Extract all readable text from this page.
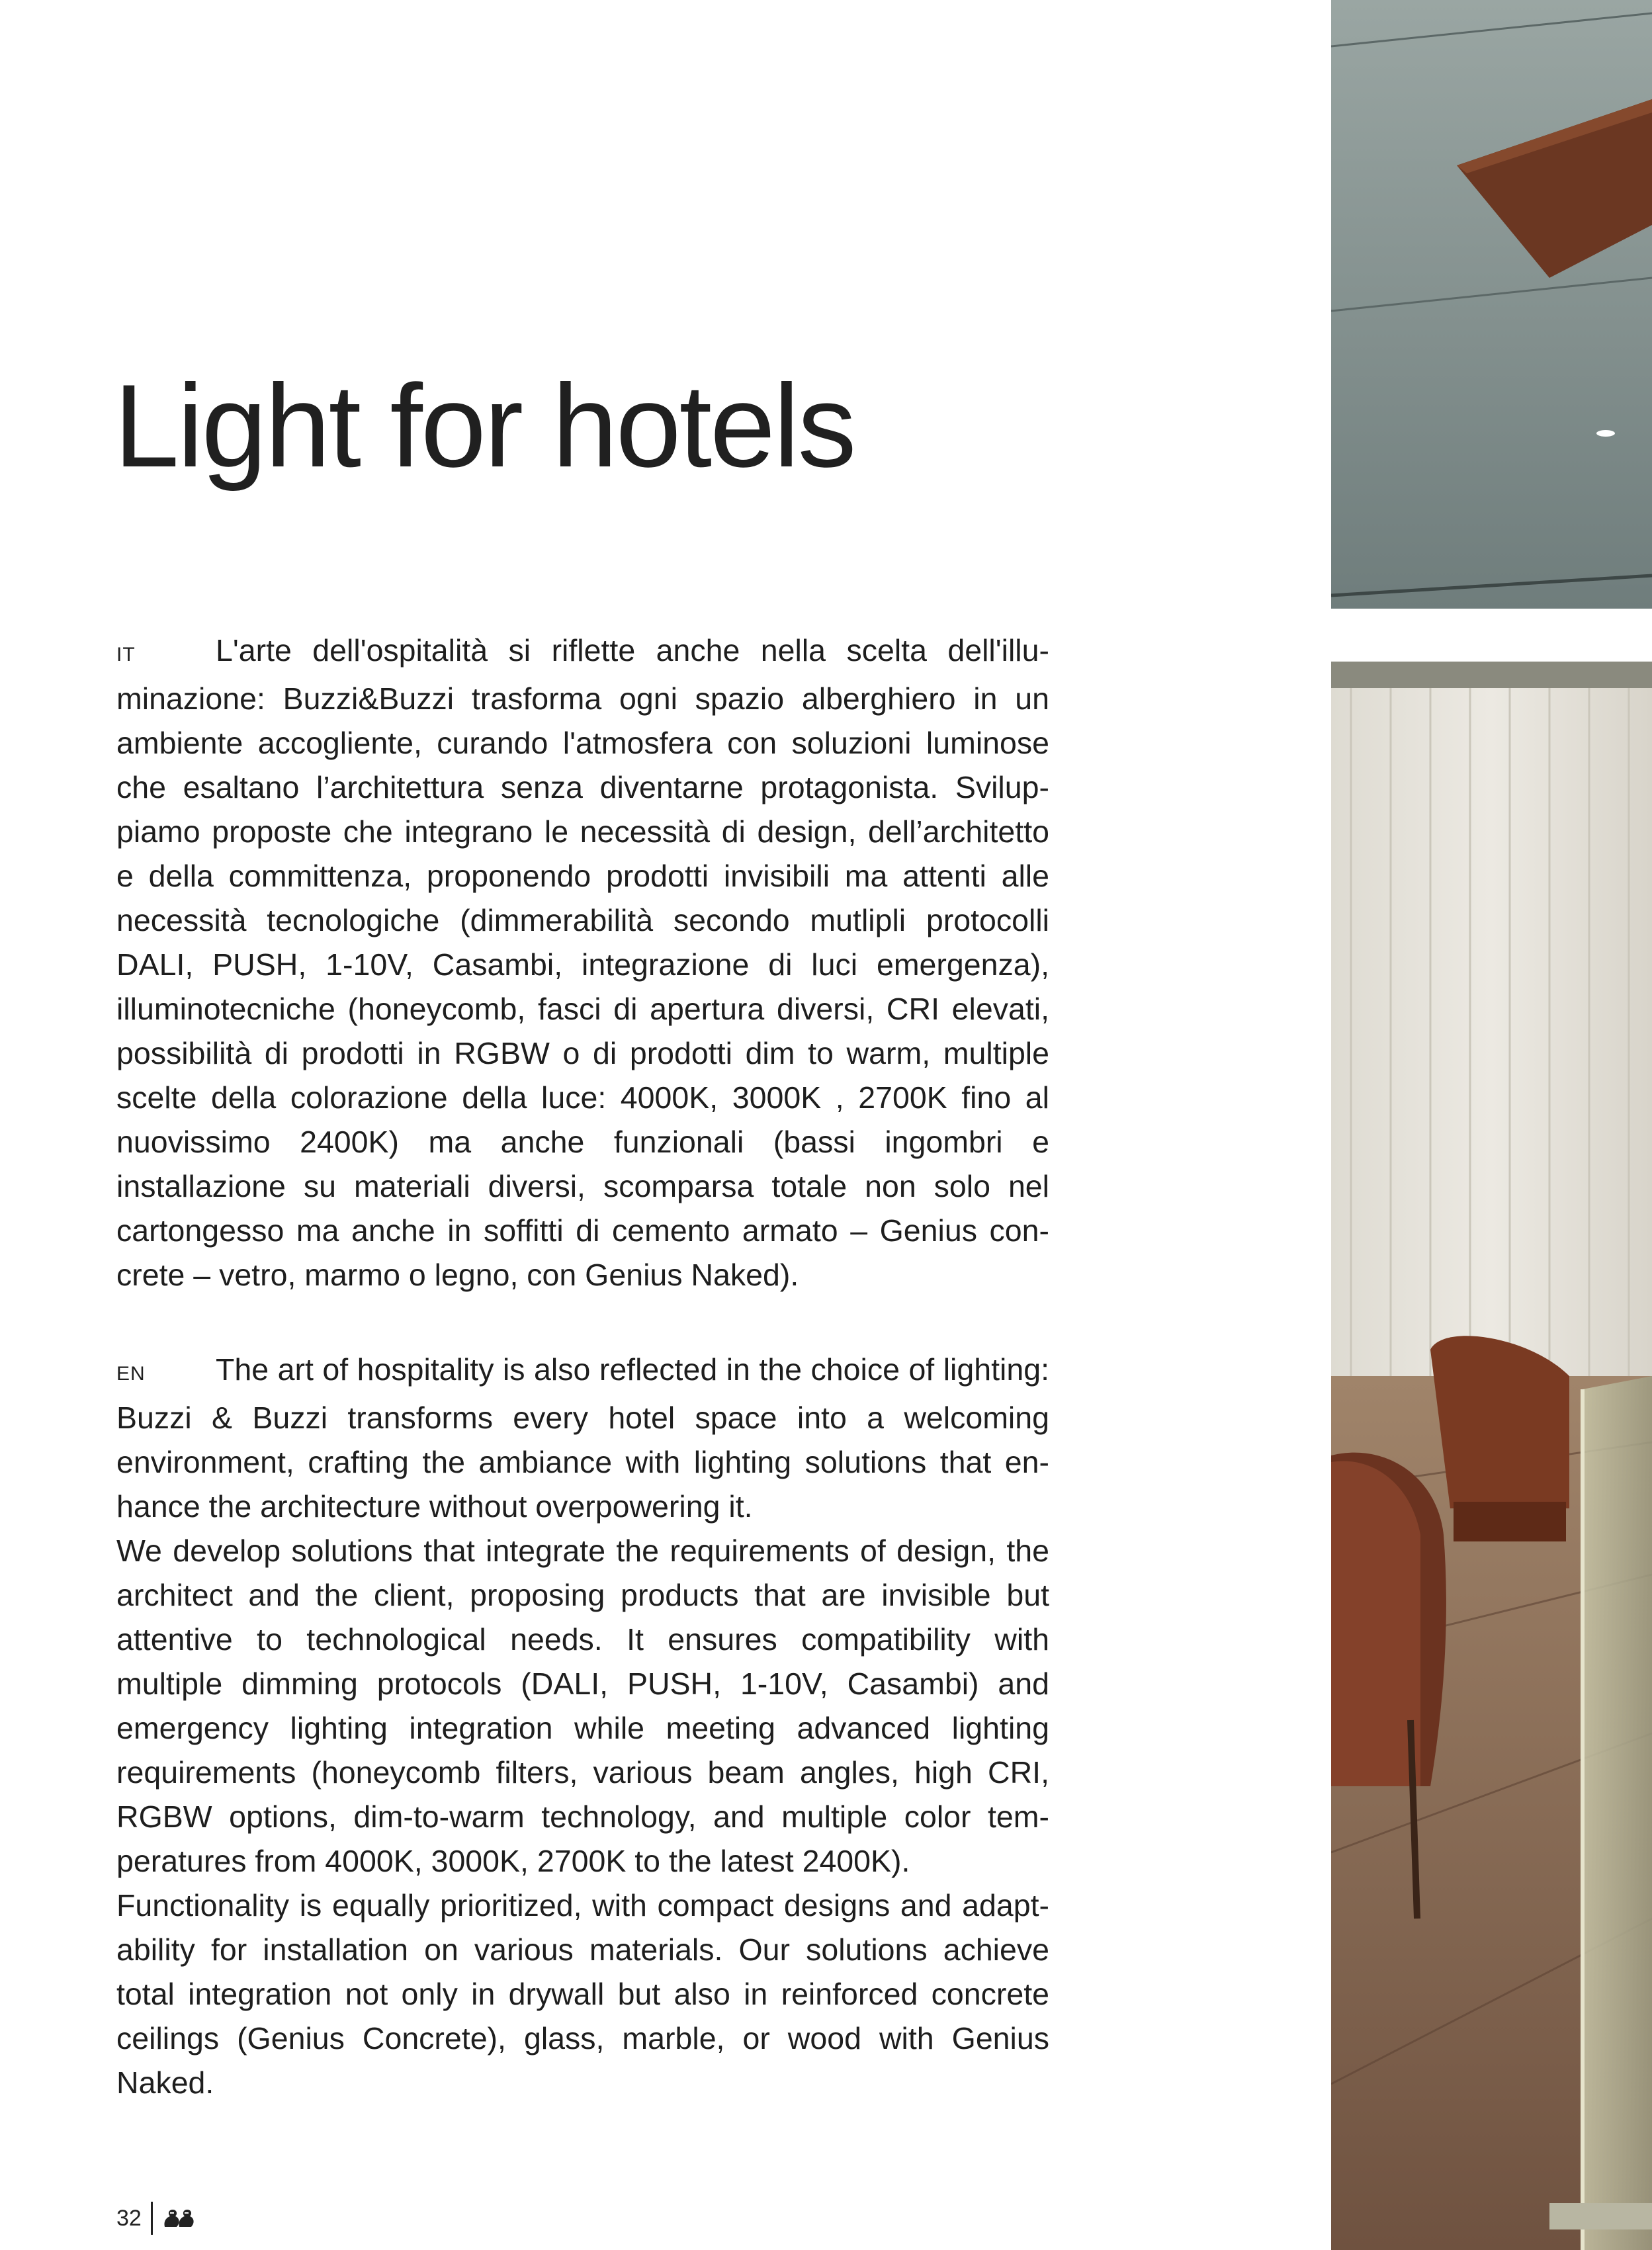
Light for hotels

IT	L'arte dell'ospitalità si riflette anche nella scelta dell'illuminazione: Buzzi&Buzzi trasforma ogni spazio alberghiero in un ambiente accogliente, curando l'atmosfera con soluzioni luminose che esaltano l’architettura senza diventarne protagonista. Sviluppiamo proposte che integrano le necessità di design, dell’architetto e della committenza, proponendo prodotti invisibili ma attenti alle necessità tecnologiche (dimmerabilità secondo mutlipli protocolli DALI, PUSH, 1-10V, Casambi, integrazione di luci emergenza), illuminotecniche (honeycomb, fasci di apertura diversi, CRI elevati, possibilità di prodotti in RGBW o di prodotti dim to warm, multiple scelte della colorazione della luce: 4000K, 3000K , 2700K fino al nuovissimo 2400K) ma anche funzionali (bassi ingombri e installazione su materiali diversi, scomparsa totale non solo nel cartongesso ma anche in soffitti di cemento armato – Genius concrete – vetro, marmo o legno, con Genius Naked).

EN The art of hospitality is also reflected in the choice of lighting: Buzzi & Buzzi transforms every hotel space into a welcoming environment, crafting the ambiance with lighting solutions that enhance the architecture without overpowering it.

We develop solutions that integrate the requirements of design, the architect and the client, proposing products that are invisible but attentive to technological needs. It ensures compatibility with multiple dimming protocols (DALI, PUSH, 1-10V, Casambi) and emergency lighting integration while meeting advanced lighting requirements (honeycomb filters, various beam angles, high CRI, RGBW options, dim-to-warm technology, and multiple color temperatures from 4000K, 3000K, 2700K to the latest 2400K).

Functionality is equally prioritized, with compact designs and adaptability for installation on various materials. Our solutions achieve total integration not only in drywall but also in reinforced concrete ceilings (Genius Concrete), glass, marble, or wood with Genius Naked.

32
